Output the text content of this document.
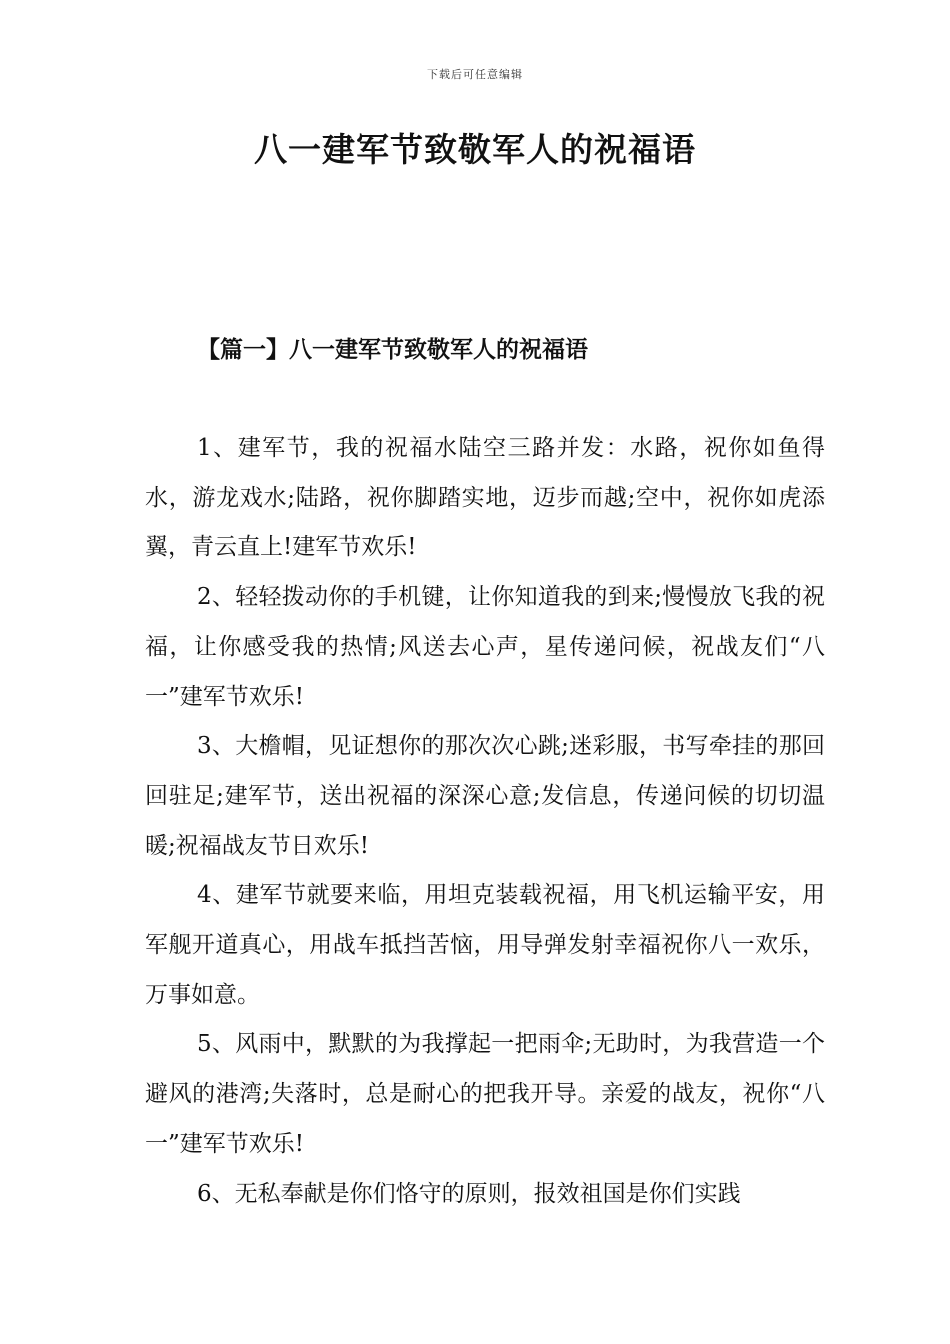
下载后可任意编辑
八一建军节致敬军人的祝福语
【篇一】八一建军节致敬军人的祝福语

1、建军节，我的祝福水陆空三路并发：水路，祝你如鱼得水，游龙戏水;陆路，祝你脚踏实地，迈步而越;空中，祝你如虎添翼，青云直上!建军节欢乐!

2、轻轻拨动你的手机键，让你知道我的到来;慢慢放飞我的祝福，让你感受我的热情;风送去心声，星传递问候，祝战友们“八一”建军节欢乐!

3、大檐帽，见证想你的那次次心跳;迷彩服，书写牵挂的那回回驻足;建军节，送出祝福的深深心意;发信息，传递问候的切切温暖;祝福战友节日欢乐!

4、建军节就要来临，用坦克装载祝福，用飞机运输平安，用军舰开道真心，用战车抵挡苦恼，用导弹发射幸福祝你八一欢乐，万事如意。

5、风雨中，默默的为我撑起一把雨伞;无助时，为我营造一个避风的港湾;失落时，总是耐心的把我开导。亲爱的战友，祝你“八一”建军节欢乐!

6、无私奉献是你们恪守的原则，报效祖国是你们实践
